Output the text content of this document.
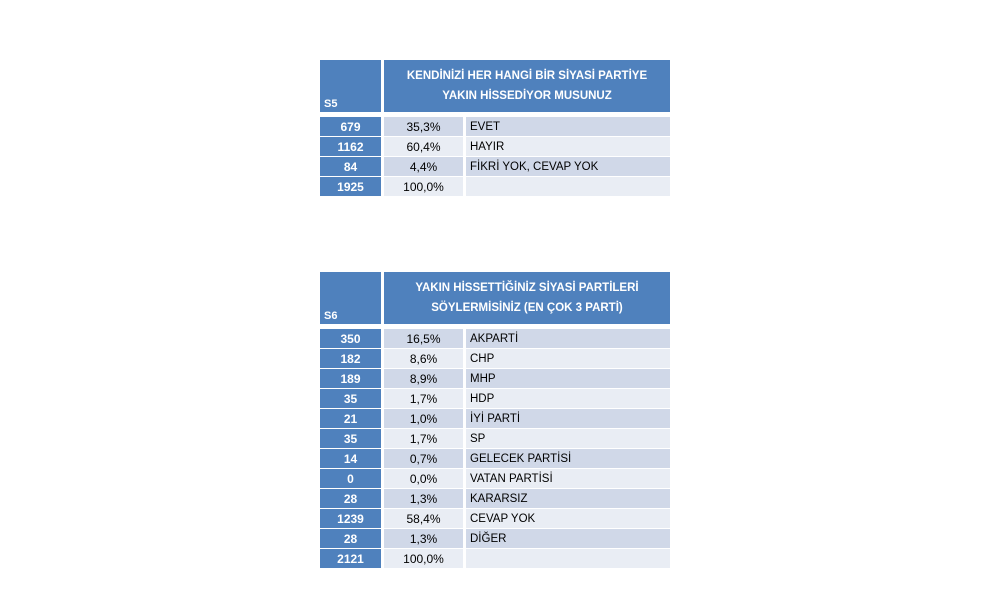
S5
KENDİNİZİ HER HANGİ BİR SİYASİ PARTİYE YAKIN HİSSEDİYOR MUSUNUZ
679	35,3%	EVET
1162	60,4%	HAYIR
84	4,4%	FİKRİ YOK, CEVAP YOK
1925	100,0%
S6
YAKIN HİSSETTİĞİNİZ SİYASİ PARTİLERİ SÖYLERMİSİNİZ (EN ÇOK 3 PARTİ)
350	16,5%	AKPARTİ
182	8,6%	CHP
189	8,9%	MHP
35	1,7%	HDP
21	1,0%	İYİ PARTİ
35	1,7%	SP
14	0,7%	GELECEK PARTİSİ
0	0,0%	VATAN PARTİSİ
28	1,3%	KARARSIZ
1239	58,4%	CEVAP YOK
28	1,3%	DİĞER
2121	100,0%
